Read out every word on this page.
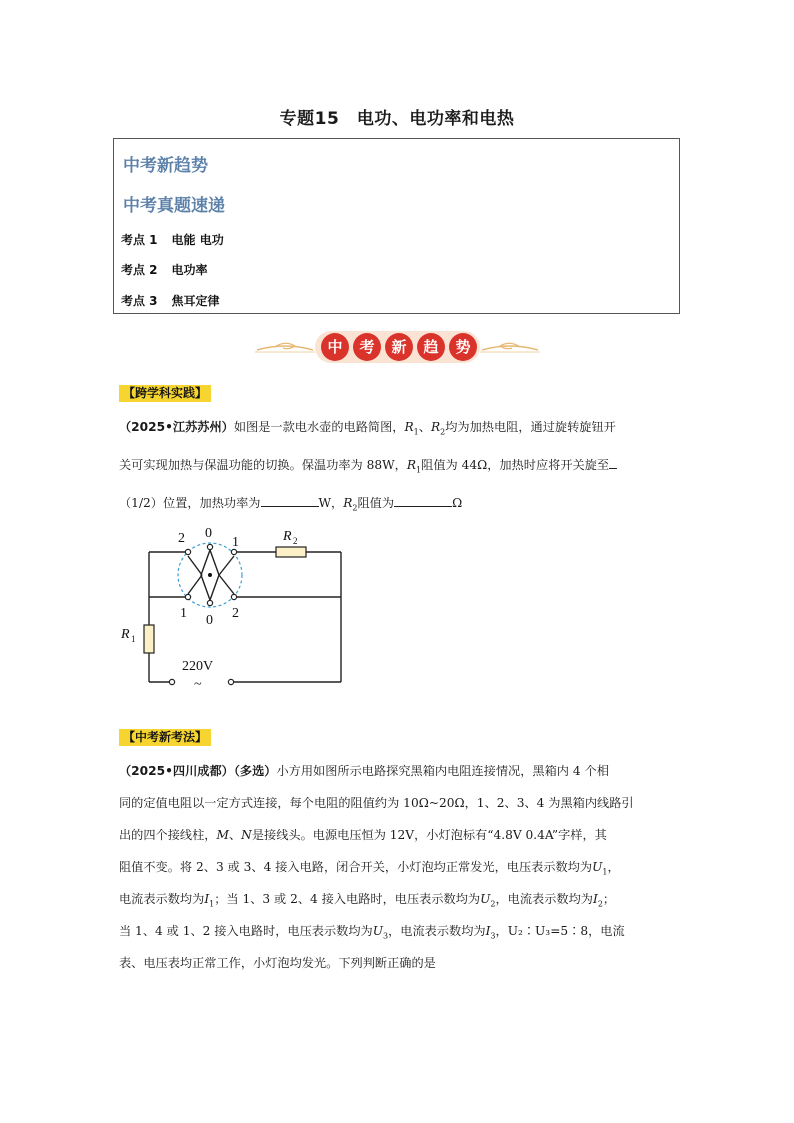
专题15　电功、电功率和电热
中考新趋势
中考真题速递
考点 1 电能 电功
考点 2 电功率
考点 3 焦耳定律
中	考	新	趋	势
【跨学科实践】
（2025•江苏苏州）如图是一款电水壶的电路简图，$R_1$、$R_2$均为加热电阻，通过旋转旋钮开
关可实现加热与保温功能的切换。保温功率为 88W，$R_1$阻值为 44Ω，加热时应将开关旋至
（1/2）位置，加热功率为	W，$R_2$阻值为	Ω
2 0
1
1 0 2
R 2
R 1
220V
~
【中考新考法】
（2025•四川成都）（多选）小方用如图所示电路探究黑箱内电阻连接情况，黑箱内 4 个相
同的定值电阻以一定方式连接，每个电阻的阻值约为 10Ω~20Ω，1、2、3、4 为黑箱内线路引
出的四个接线柱，M、N是接线头。电源电压恒为 12V，小灯泡标有“4.8V 0.4A”字样，其
阻值不变。将 2、3 或 3、4 接入电路，闭合开关，小灯泡均正常发光，电压表示数均为$U_1$，
电流表示数均为$I_1$；当 1、3 或 2、4 接入电路时，电压表示数均为$U_2$，电流表示数均为$I_2$；
当 1、4 或 1、2 接入电路时，电压表示数均为$U_3$，电流表示数均为$I_3$，U₂∶U₃=5∶8，电流
表、电压表均正常工作，小灯泡均发光。下列判断正确的是
